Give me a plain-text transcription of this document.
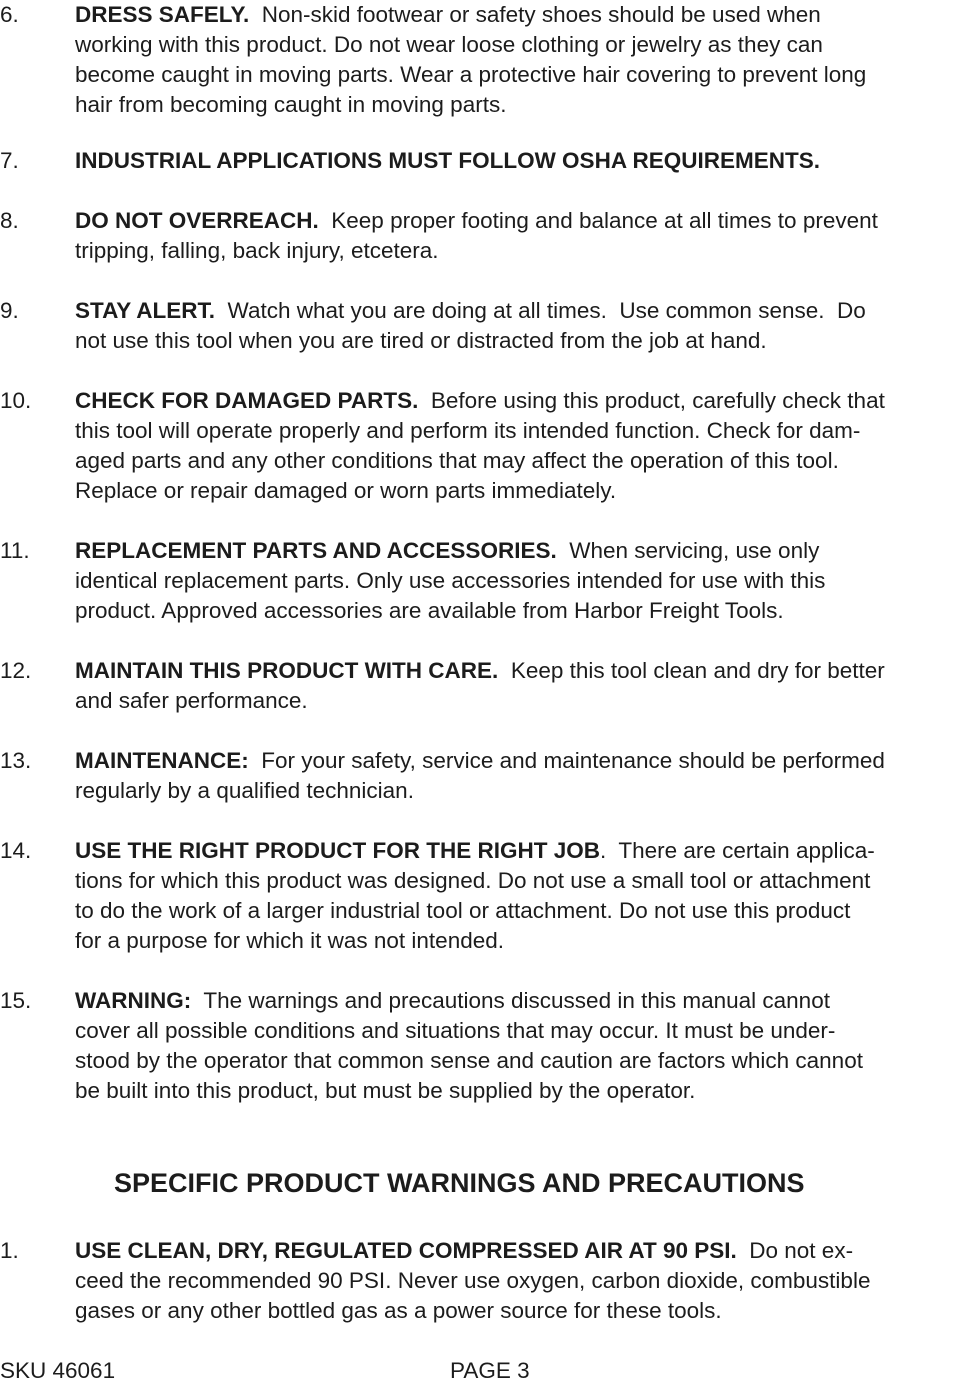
6.	DRESS SAFELY.  Non-skid footwear or safety shoes should be used when
working with this product. Do not wear loose clothing or jewelry as they can
become caught in moving parts. Wear a protective hair covering to prevent long
hair from becoming caught in moving parts.
7.	INDUSTRIAL APPLICATIONS MUST FOLLOW OSHA REQUIREMENTS.
8.	DO NOT OVERREACH.  Keep proper footing and balance at all times to prevent
tripping, falling, back injury, etcetera.
9.	STAY ALERT.  Watch what you are doing at all times.  Use common sense.  Do
not use this tool when you are tired or distracted from the job at hand.
10.	CHECK FOR DAMAGED PARTS.  Before using this product, carefully check that
this tool will operate properly and perform its intended function. Check for dam-
aged parts and any other conditions that may affect the operation of this tool.
Replace or repair damaged or worn parts immediately.
11.	REPLACEMENT PARTS AND ACCESSORIES.  When servicing, use only
identical replacement parts. Only use accessories intended for use with this
product. Approved accessories are available from Harbor Freight Tools.
12.	MAINTAIN THIS PRODUCT WITH CARE.  Keep this tool clean and dry for better
and safer performance.
13.	MAINTENANCE:  For your safety, service and maintenance should be performed
regularly by a qualified technician.
14.	USE THE RIGHT PRODUCT FOR THE RIGHT JOB.  There are certain applica-
tions for which this product was designed. Do not use a small tool or attachment
to do the work of a larger industrial tool or attachment. Do not use this product
for a purpose for which it was not intended.
15.	WARNING:  The warnings and precautions discussed in this manual cannot
cover all possible conditions and situations that may occur. It must be under-
stood by the operator that common sense and caution are factors which cannot
be built into this product, but must be supplied by the operator.
SPECIFIC PRODUCT WARNINGS AND PRECAUTIONS
1.	USE CLEAN, DRY, REGULATED COMPRESSED AIR AT 90 PSI.  Do not ex-
ceed the recommended 90 PSI. Never use oxygen, carbon dioxide, combustible
gases or any other bottled gas as a power source for these tools.
SKU 46061	PAGE 3
